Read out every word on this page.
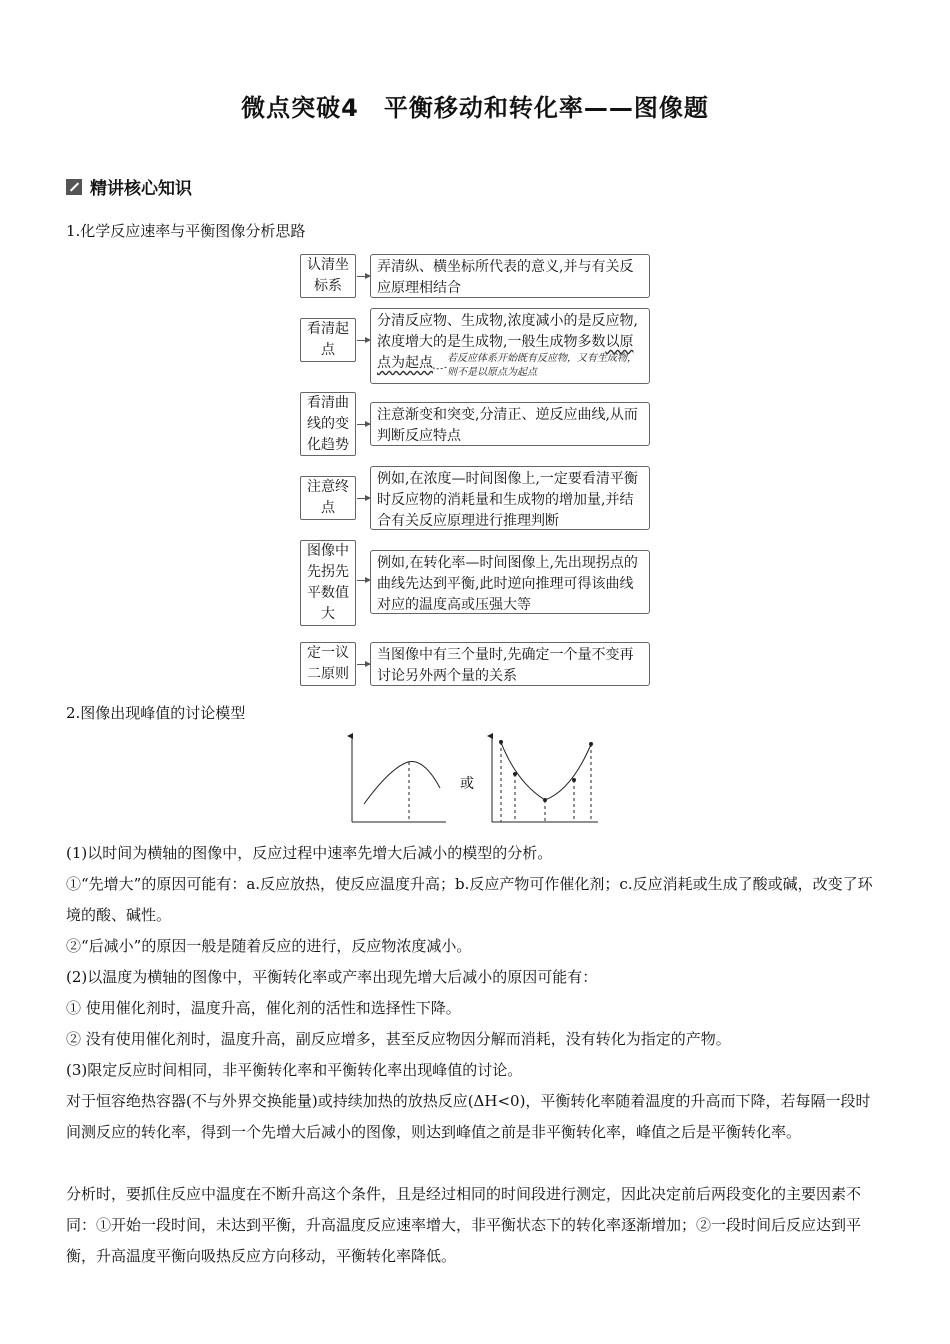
微点突破4　平衡移动和转化率——图像题
精讲核心知识
1.化学反应速率与平衡图像分析思路
认清坐标系
弄清纵、横坐标所代表的意义,并与有关反应原理相结合
看清起点
分清反应物、生成物,浓度减小的是反应物,浓度增大的是生成物,一般生成物多数以原点为起点 若反应体系开始既有反应物，又有生成物，则不是以原点为起点
看清曲线的变化趋势
注意渐变和突变,分清正、逆反应曲线,从而判断反应特点
注意终点
例如,在浓度—时间图像上,一定要看清平衡时反应物的消耗量和生成物的增加量,并结合有关反应原理进行推理判断
图像中先拐先平数值大
例如,在转化率—时间图像上,先出现拐点的曲线先达到平衡,此时逆向推理可得该曲线对应的温度高或压强大等
定一议二原则
当图像中有三个量时,先确定一个量不变再讨论另外两个量的关系
2.图像出现峰值的讨论模型
或
(1)以时间为横轴的图像中，反应过程中速率先增大后减小的模型的分析。
①“先增大”的原因可能有：a.反应放热，使反应温度升高；b.反应产物可作催化剂；c.反应消耗或生成了酸或碱，改变了环境的酸、碱性。
②“后减小”的原因一般是随着反应的进行，反应物浓度减小。
(2)以温度为横轴的图像中，平衡转化率或产率出现先增大后减小的原因可能有：
① 使用催化剂时，温度升高，催化剂的活性和选择性下降。
② 没有使用催化剂时，温度升高，副反应增多，甚至反应物因分解而消耗，没有转化为指定的产物。
(3)限定反应时间相同，非平衡转化率和平衡转化率出现峰值的讨论。
对于恒容绝热容器(不与外界交换能量)或持续加热的放热反应(ΔH<0)，平衡转化率随着温度的升高而下降，若每隔一段时间测反应的转化率，得到一个先增大后减小的图像，则达到峰值之前是非平衡转化率，峰值之后是平衡转化率。
分析时，要抓住反应中温度在不断升高这个条件，且是经过相同的时间段进行测定，因此决定前后两段变化的主要因素不同：①开始一段时间，未达到平衡，升高温度反应速率增大，非平衡状态下的转化率逐渐增加；②一段时间后反应达到平衡，升高温度平衡向吸热反应方向移动，平衡转化率降低。
